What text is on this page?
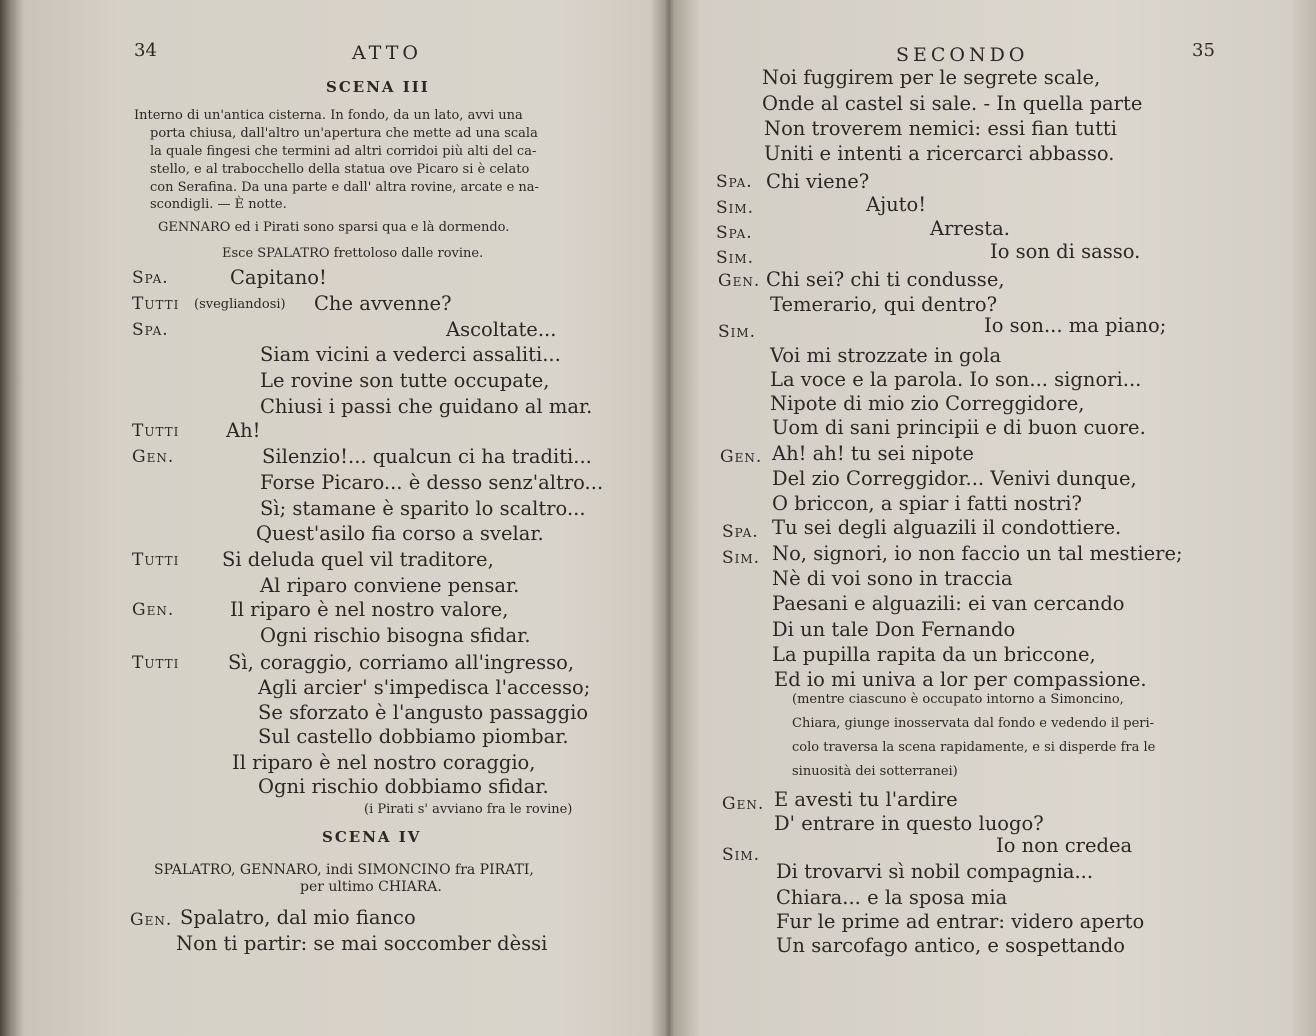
34	ATTO
SCENA III
Interno di un'antica cisterna. In fondo, da un lato, avvi una
porta chiusa, dall'altro un'apertura che mette ad una scala
la quale fingesi che termini ad altri corridoi più alti del ca-
stello, e al trabocchello della statua ove Picaro si è celato
con Serafina. Da una parte e dall' altra rovine, arcate e na-
scondigli. — È notte.
GENNARO ed i Pirati sono sparsi qua e là dormendo.
Esce SPALATRO frettoloso dalle rovine.
Spa.	Capitano!
Tutti (svegliandosi) Che avvenne?
Spa.	Ascoltate...
Siam vicini a vederci assaliti...
Le rovine son tutte occupate,
Chiusi i passi che guidano al mar.
Tutti Ah!
Gen.	Silenzio!... qualcun ci ha traditi...
Forse Picaro... è desso senz'altro...
Sì; stamane è sparito lo scaltro...
Quest'asilo fia corso a svelar.
Tutti Si deluda quel vil traditore,
Al riparo conviene pensar.
Gen.	Il riparo è nel nostro valore,
Ogni rischio bisogna sfidar.
Tutti Sì, coraggio, corriamo all'ingresso,
Agli arcier' s'impedisca l'accesso;
Se sforzato è l'angusto passaggio
Sul castello dobbiamo piombar.
Il riparo è nel nostro coraggio,
Ogni rischio dobbiamo sfidar.
(i Pirati s' avviano fra le rovine)
SCENA IV
SPALATRO, GENNARO, indi SIMONCINO fra PIRATI,
per ultimo CHIARA.
Gen. Spalatro, dal mio fianco
Non ti partir: se mai soccomber dèssi
SECONDO	35
Noi fuggirem per le segrete scale,
Onde al castel si sale. - In quella parte
Non troverem nemici: essi fian tutti
Uniti e intenti a ricercarci abbasso.
Spa. Chi viene?
Sim.	Ajuto!
Spa.	Arresta.
Sim.	Io son di sasso.
Gen. Chi sei? chi ti condusse,
Temerario, qui dentro?
Sim.	Io son... ma piano;
Voi mi strozzate in gola
La voce e la parola. Io son... signori...
Nipote di mio zio Correggidore,
Uom di sani principii e di buon cuore.
Gen. Ah! ah! tu sei nipote
Del zio Correggidor... Venivi dunque,
O briccon, a spiar i fatti nostri?
Spa. Tu sei degli alguazili il condottiere.
Sim. No, signori, io non faccio un tal mestiere;
Nè di voi sono in traccia
Paesani e alguazili: ei van cercando
Di un tale Don Fernando
La pupilla rapita da un briccone,
Ed io mi univa a lor per compassione.
(mentre ciascuno è occupato intorno a Simoncino,
Chiara, giunge inosservata dal fondo e vedendo il peri-
colo traversa la scena rapidamente, e si disperde fra le
sinuosità dei sotterranei)
Gen. E avesti tu l'ardire
D' entrare in questo luogo?
Sim.	Io non credea
Di trovarvi sì nobil compagnia...
Chiara... e la sposa mia
Fur le prime ad entrar: videro aperto
Un sarcofago antico, e sospettando
